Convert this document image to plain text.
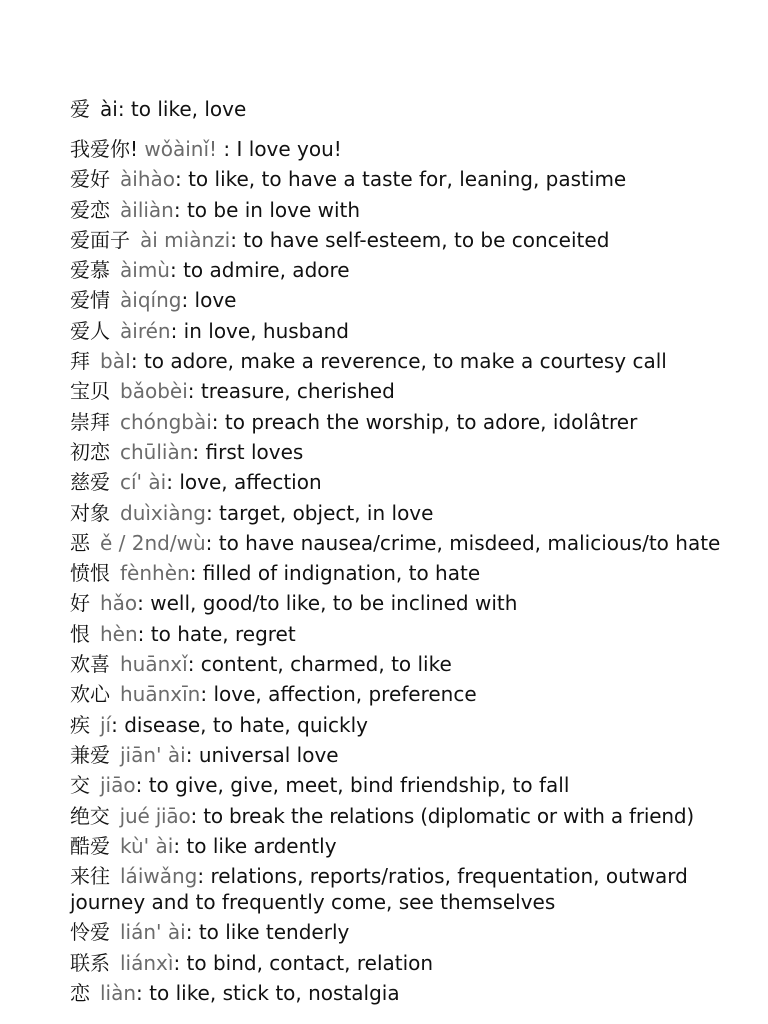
爱 ài: to like, love
我爱你! wǒàinǐ! : I love you!
爱好 àihào: to like, to have a taste for, leaning, pastime
爱恋 àiliàn: to be in love with
爱面子 ài miànzi: to have self-esteem, to be conceited
爱慕 àimù: to admire, adore
爱情 àiqíng: love
爱人 àirén: in love, husband
拜 bàI: to adore, make a reverence, to make a courtesy call
宝贝 bǎobèi: treasure, cherished
崇拜 chóngbài: to preach the worship, to adore, idolâtrer
初恋 chūliàn: first loves
慈爱 cí' ài: love, affection
对象 duìxiàng: target, object, in love
恶 ě / 2nd/wù: to have nausea/crime, misdeed, malicious/to hate
愤恨 fènhèn: filled of indignation, to hate
好 hǎo: well, good/to like, to be inclined with
恨 hèn: to hate, regret
欢喜 huānxǐ: content, charmed, to like
欢心 huānxīn: love, affection, preference
疾 jí: disease, to hate, quickly
兼爱 jiān' ài: universal love
交 jiāo: to give, give, meet, bind friendship, to fall
绝交 jué jiāo: to break the relations (diplomatic or with a friend)
酷爱 kù' ài: to like ardently
来往 láiwǎng: relations, reports/ratios, frequentation, outward journey and to frequently come, see themselves
怜爱 lián' ài: to like tenderly
联系 liánxì: to bind, contact, relation
恋 liàn: to like, stick to, nostalgia
